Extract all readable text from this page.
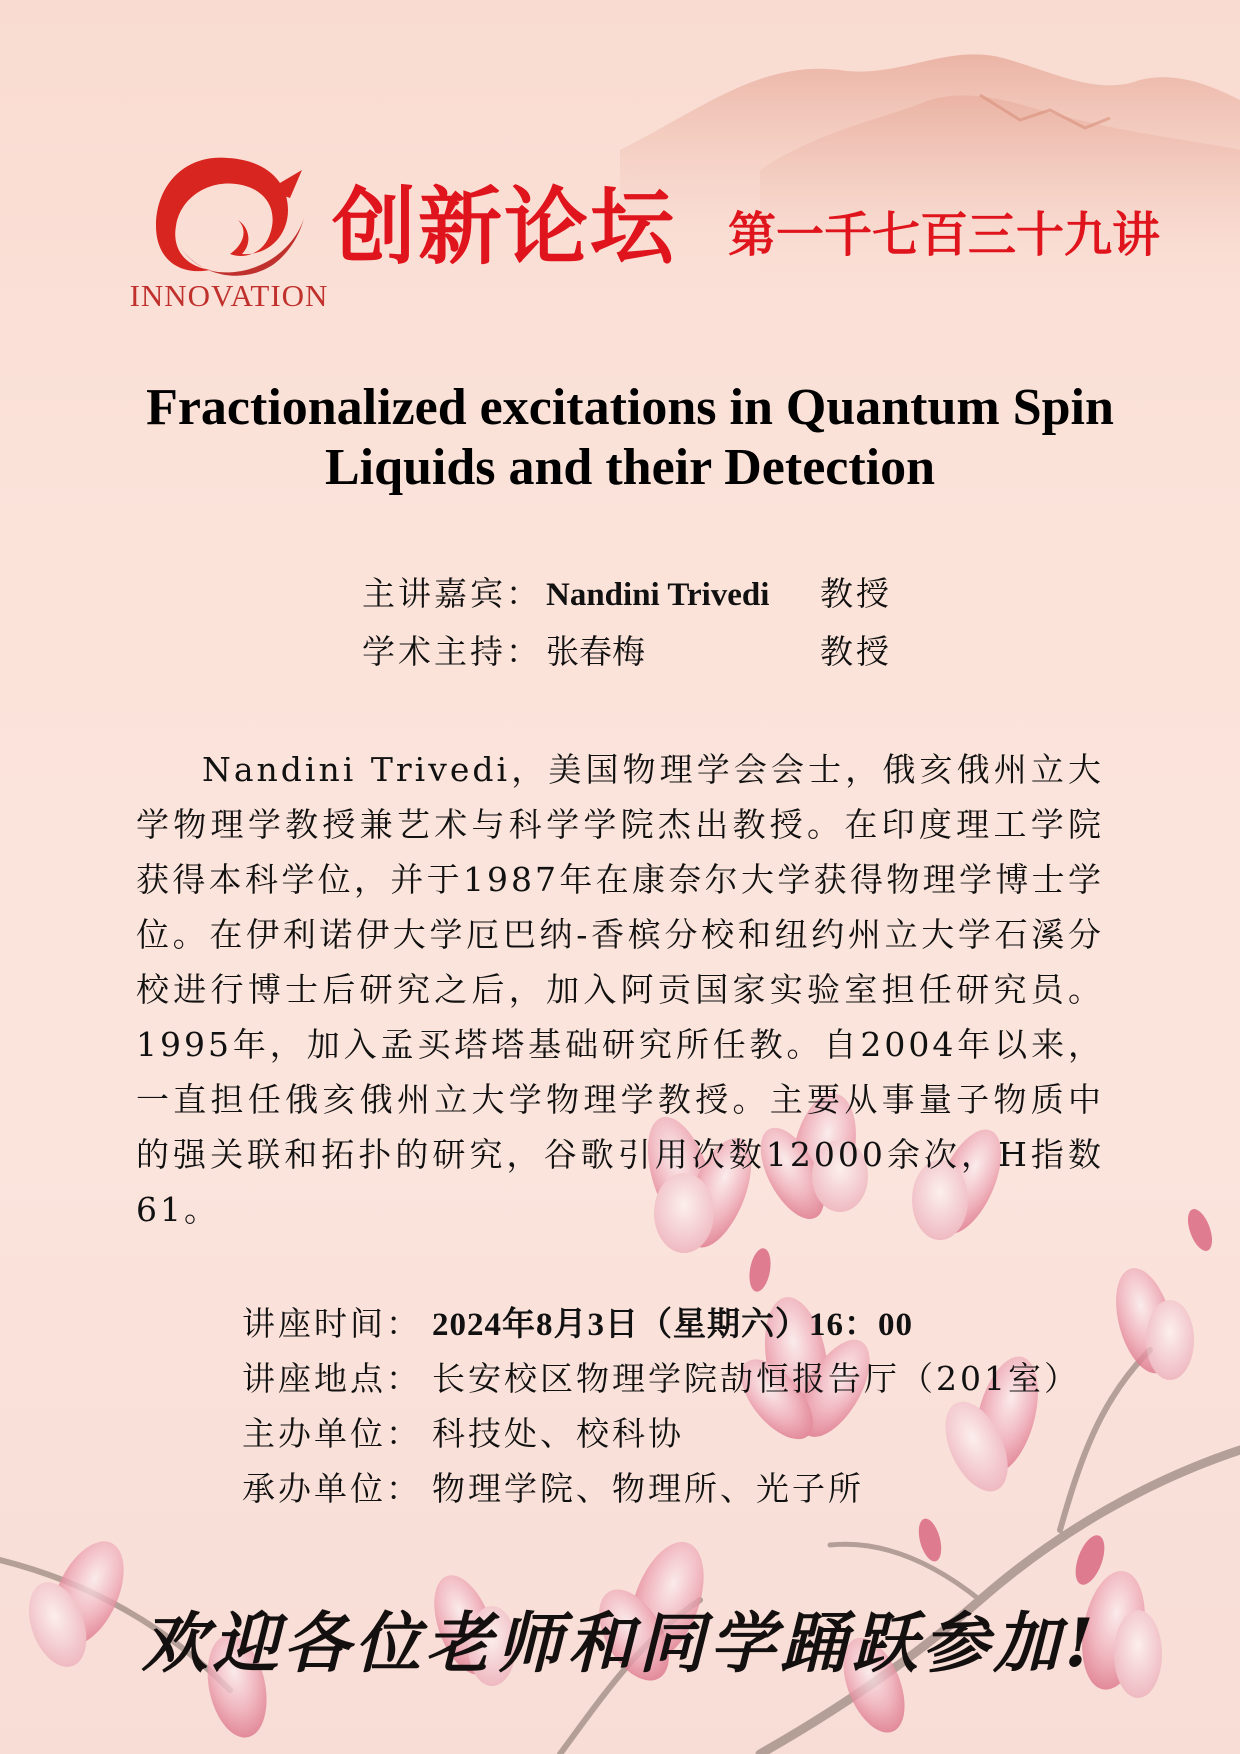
INNOVATION
创新论坛 第一千七百三十九讲
Fractionalized excitations in Quantum Spin
Liquids and their Detection
主讲嘉宾： Nandini Trivedi 教授
学术主持： 张春梅	教授
Nandini Trivedi，美国物理学会会士，俄亥俄州立大学物理学教授兼艺术与科学学院杰出教授。在印度理工学院获得本科学位，并于1987年在康奈尔大学获得物理学博士学位。在伊利诺伊大学厄巴纳-香槟分校和纽约州立大学石溪分校进行博士后研究之后，加入阿贡国家实验室担任研究员。1995年，加入孟买塔塔基础研究所任教。自2004年以来，一直担任俄亥俄州立大学物理学教授。主要从事量子物质中的强关联和拓扑的研究，谷歌引用次数12000余次，H指数61。
讲座时间： 2024年8月3日（星期六）16：00
讲座地点： 长安校区物理学院劼恒报告厅（201室）
主办单位： 科技处、校科协
承办单位： 物理学院、物理所、光子所
欢迎各位老师和同学踊跃参加!
